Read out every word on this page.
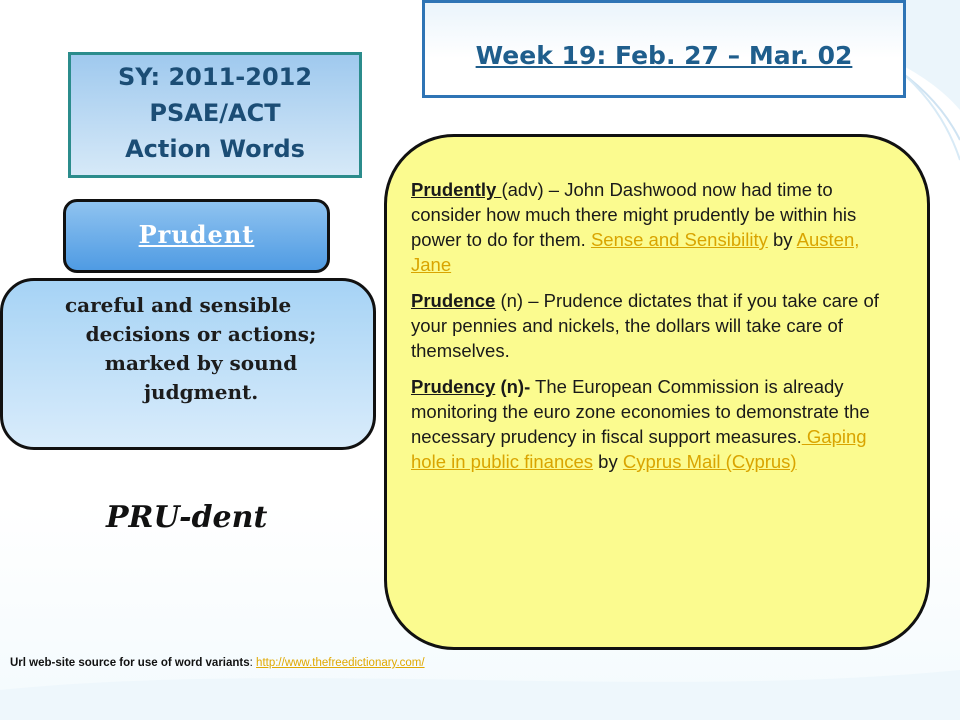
Week 19: Feb. 27 – Mar. 02
SY: 2011-2012
PSAE/ACT
Action Words
Prudent
careful and sensible
decisions or actions;
marked by sound
judgment.
PRU-dent

Prudently (adv) – John Dashwood now had time to consider how much there might prudently be within his power to do for them. Sense and Sensibility by Austen, Jane

Prudence (n) – Prudence dictates that if you take care of your pennies and nickels, the dollars will take care of themselves.

Prudency (n)- The European Commission is already monitoring the euro zone economies to demonstrate the necessary prudency in fiscal support measures. Gaping hole in public finances by Cyprus Mail (Cyprus)

Url web-site source for use of word variants: http://www.thefreedictionary.com/
